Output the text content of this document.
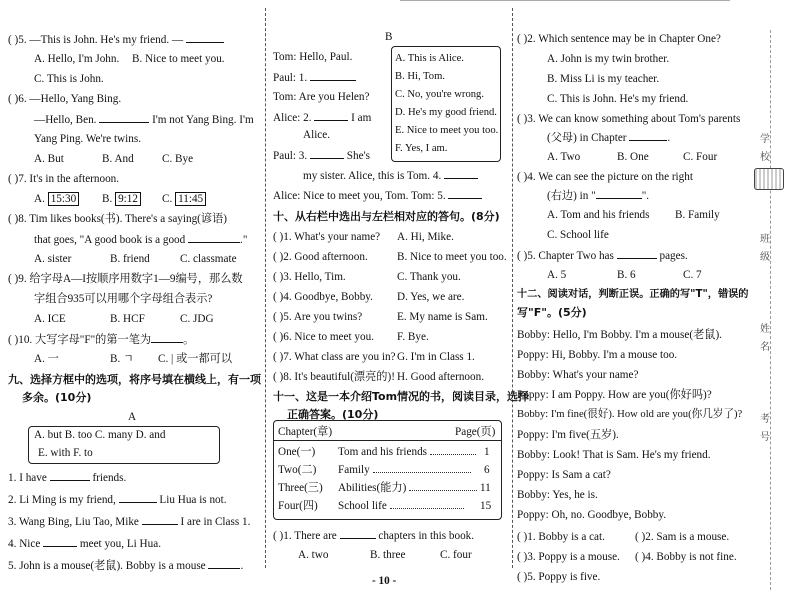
( )5. —This is John. He's my friend. —
A. Hello, I'm John. B. Nice to meet you.
C. This is John.
( )6. —Hello, Yang Bing.
—Hello, Ben.	I'm not Yang Bing. I'm
Yang Ping. We're twins.
A. But	B. And	C. Bye
( )7. It's in the afternoon.
A. 15:30 B. 9:12 C. 11:45
( )8. Tim likes books(书). There's a saying(谚语)
that goes, "A good book is a good	."
A. sister	B. friend	C. classmate
( )9. 给字母A—I按顺序用数字1—9编号，那么数
字组合935可以用哪个字母组合表示?
A. ICE	B. HCF	C. JDG
( )10. 大写字母"F"的第一笔为	。
A. 一	B. ㄱ C. | 或一都可以
九、选择方框中的选项，将序号填在横线上，有一项
多余。(10分)
A
A. but B. too C. many D. and
E. with F. to
1. I have	friends.
2. Li Ming is my friend,	Liu Hua is not.
3. Wang Bing, Liu Tao, Mike	I are in Class 1.
4. Nice	meet you, Li Hua.
5. John is a mouse(老鼠). Bobby is a mouse	.
B
Tom: Hello, Paul.
Paul: 1.
Tom: Are you Helen?
Alice: 2.	I am
Alice.
Paul: 3.	She's
my sister. Alice, this is Tom. 4.
Alice: Nice to meet you, Tom. Tom: 5.
A. This is Alice.
B. Hi, Tom.
C. No, you're wrong.
D. He's my good friend.
E. Nice to meet you too.
F. Yes, I am.
十、从右栏中选出与左栏相对应的答句。(8分)
( )1. What's your name? A. Hi, Mike.
( )2. Good afternoon.	B. Nice to meet you too.
( )3. Hello, Tim.	C. Thank you.
( )4. Goodbye, Bobby. D. Yes, we are.
( )5. Are you twins?	E. My name is Sam.
( )6. Nice to meet you. F. Bye.
( )7. What class are you in? G. I'm in Class 1.
( )8. It's beautiful(漂亮的)! H. Good afternoon.
十一、这是一本介绍Tom情况的书，阅读目录，选择
正确答案。(10分)
Chapter(章)	Page(页)
One(一) Tom and his friends	1
Two(二) Family	6
Three(三) Abilities(能力)	11
Four(四) School life	15
( )1. There are	chapters in this book.
A. two	B. three	C. four
- 10 -
( )2. Which sentence may be in Chapter One?
A. John is my twin brother.
B. Miss Li is my teacher.
C. This is John. He's my friend.
( )3. We can know something about Tom's parents
(父母) in Chapter	.
A. Two	B. One	C. Four
( )4. We can see the picture on the right
(右边) in "	".
A. Tom and his friends B. Family
C. School life
( )5. Chapter Two has	pages.
A. 5	B. 6	C. 7
十二、阅读对话，判断正误。正确的写"T"，错误的
写"F"。(5分)
Bobby: Hello, I'm Bobby. I'm a mouse(老鼠).
Poppy: Hi, Bobby. I'm a mouse too.
Bobby: What's your name?
Poppy: I am Poppy. How are you(你好吗)?
Bobby: I'm fine(很好). How old are you(你几岁了)?
Poppy: I'm five(五岁).
Bobby: Look! That is Sam. He's my friend.
Poppy: Is Sam a cat?
Bobby: Yes, he is.
Poppy: Oh, no. Goodbye, Bobby.
( )1. Bobby is a cat.	( )2. Sam is a mouse.
( )3. Poppy is a mouse. ( )4. Bobby is not fine.
( )5. Poppy is five.
学
校
班
级
姓
名
考
号
